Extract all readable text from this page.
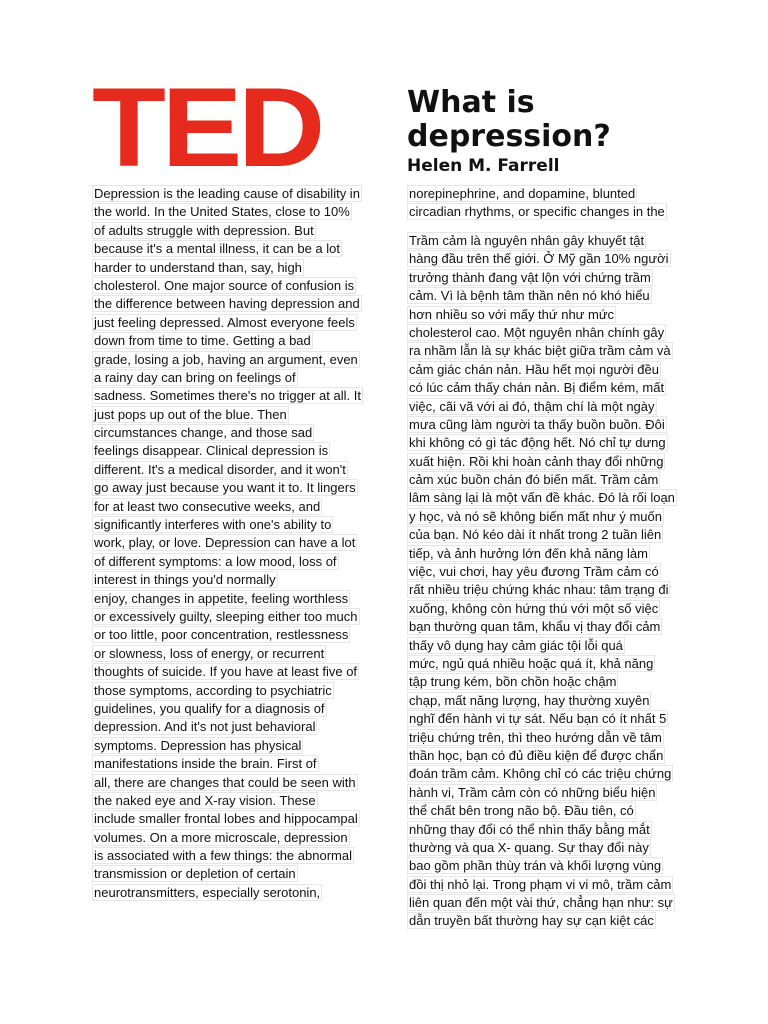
TED	What is depression?
Helen M. Farrell
Depression is the leading cause of disability in
the world. In the United States, close to 10%
of adults struggle with depression. But
because it's a mental illness, it can be a lot
harder to understand than, say, high
cholesterol. One major source of confusion is
the difference between having depression and
just feeling depressed. Almost everyone feels
down from time to time. Getting a bad
grade, losing a job, having an argument, even
a rainy day can bring on feelings of
sadness. Sometimes there's no trigger at all. It
just pops up out of the blue. Then
circumstances change, and those sad
feelings disappear. Clinical depression is
different. It's a medical disorder, and it won't
go away just because you want it to. It lingers
for at least two consecutive weeks, and
significantly interferes with one's ability to
work, play, or love. Depression can have a lot
of different symptoms: a low mood, loss of
interest in things you'd normally
enjoy, changes in appetite, feeling worthless
or excessively guilty, sleeping either too much
or too little, poor concentration, restlessness
or slowness, loss of energy, or recurrent
thoughts of suicide. If you have at least five of
those symptoms, according to psychiatric
guidelines, you qualify for a diagnosis of
depression. And it's not just behavioral
symptoms. Depression has physical
manifestations inside the brain. First of
all, there are changes that could be seen with
the naked eye and X-ray vision. These
include smaller frontal lobes and hippocampal
volumes. On a more microscale, depression
is associated with a few things: the abnormal
transmission or depletion of certain
neurotransmitters, especially serotonin,
norepinephrine, and dopamine, blunted
circadian rhythms, or specific changes in the
Trầm cảm là nguyên nhân gây khuyết tật
hàng đầu trên thế giới. Ở Mỹ gần 10% người
trưởng thành đang vật lộn với chứng trầm
cảm. Vì là bệnh tâm thần nên nó khó hiểu
hơn nhiều so với mấy thứ như mức
cholesterol cao. Một nguyên nhân chính gây
ra nhầm lẫn là sự khác biệt giữa trầm cảm và
cảm giác chán nản. Hầu hết mọi người đều
có lúc cảm thấy chán nản. Bị điểm kém, mất
việc, cãi vã với ai đó, thậm chí là một ngày
mưa cũng làm người ta thấy buồn buồn. Đôi
khi không có gì tác động hết. Nó chỉ tự dưng
xuất hiện. Rồi khi hoàn cảnh thay đổi những
cảm xúc buồn chán đó biến mất. Trầm cảm
lâm sàng lại là một vấn đề khác. Đó là rối loạn
y học, và nó sẽ không biến mất như ý muốn
của bạn. Nó kéo dài ít nhất trong 2 tuần liên
tiếp, và ảnh hưởng lớn đến khả năng làm
việc, vui chơi, hay yêu đương Trầm cảm có
rất nhiều triệu chứng khác nhau: tâm trạng đi
xuống, không còn hứng thú với một số việc
bạn thường quan tâm, khẩu vị thay đổi cảm
thấy vô dụng hay cảm giác tội lỗi quá
mức, ngủ quá nhiều hoặc quá ít, khả năng
tập trung kém, bồn chồn hoặc chậm
chạp, mất năng lượng, hay thường xuyên
nghĩ đến hành vi tự sát. Nếu bạn có ít nhất 5
triệu chứng trên, thì theo hướng dẫn về tâm
thần học, bạn có đủ điều kiện để được chẩn
đoán trầm cảm. Không chỉ có các triệu chứng
hành vi, Trầm cảm còn có những biểu hiện
thể chất bên trong não bộ. Đầu tiên, có
những thay đổi có thể nhìn thấy bằng mắt
thường và qua X- quang. Sự thay đổi này
bao gồm phần thùy trán và khối lượng vùng
đồi thị nhỏ lại. Trong phạm vi vi mô, trầm cảm
liên quan đến một vài thứ, chẳng hạn như: sự
dẫn truyền bất thường hay sự cạn kiệt các
